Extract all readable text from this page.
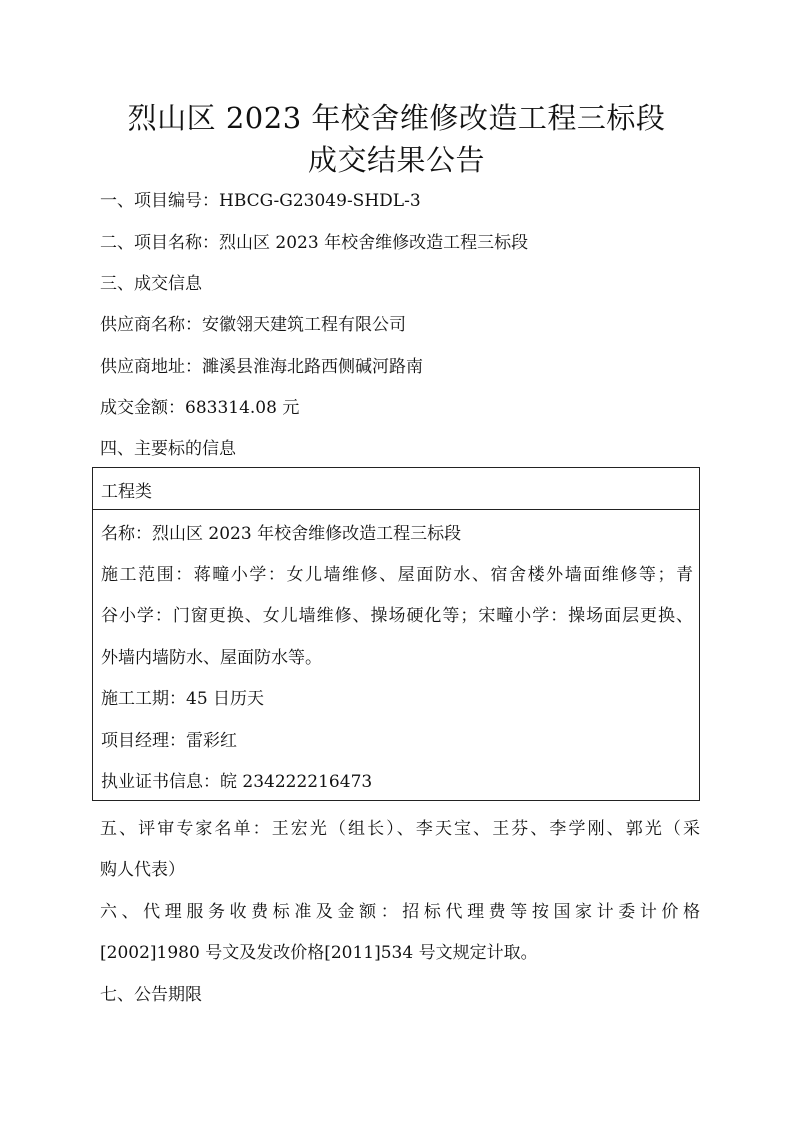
烈山区 2023 年校舍维修改造工程三标段
成交结果公告
一、项目编号：HBCG-G23049-SHDL-3
二、项目名称：烈山区 2023 年校舍维修改造工程三标段
三、成交信息
供应商名称：安徽翎天建筑工程有限公司
供应商地址：濉溪县淮海北路西侧碱河路南
成交金额：683314.08 元
四、主要标的信息
工程类
名称：烈山区 2023 年校舍维修改造工程三标段
施工范围：蒋疃小学：女儿墙维修、屋面防水、宿舍楼外墙面维修等；青
谷小学：门窗更换、女儿墙维修、操场硬化等；宋疃小学：操场面层更换、
外墙内墙防水、屋面防水等。
施工工期：45 日历天
项目经理：雷彩红
执业证书信息：皖 234222216473
五、评审专家名单：王宏光（组长）、李天宝、王芬、李学刚、郭光（采
购人代表）
六、代理服务收费标准及金额：招标代理费等按国家计委计价格
[2002]1980 号文及发改价格[2011]534 号文规定计取。
七、公告期限
